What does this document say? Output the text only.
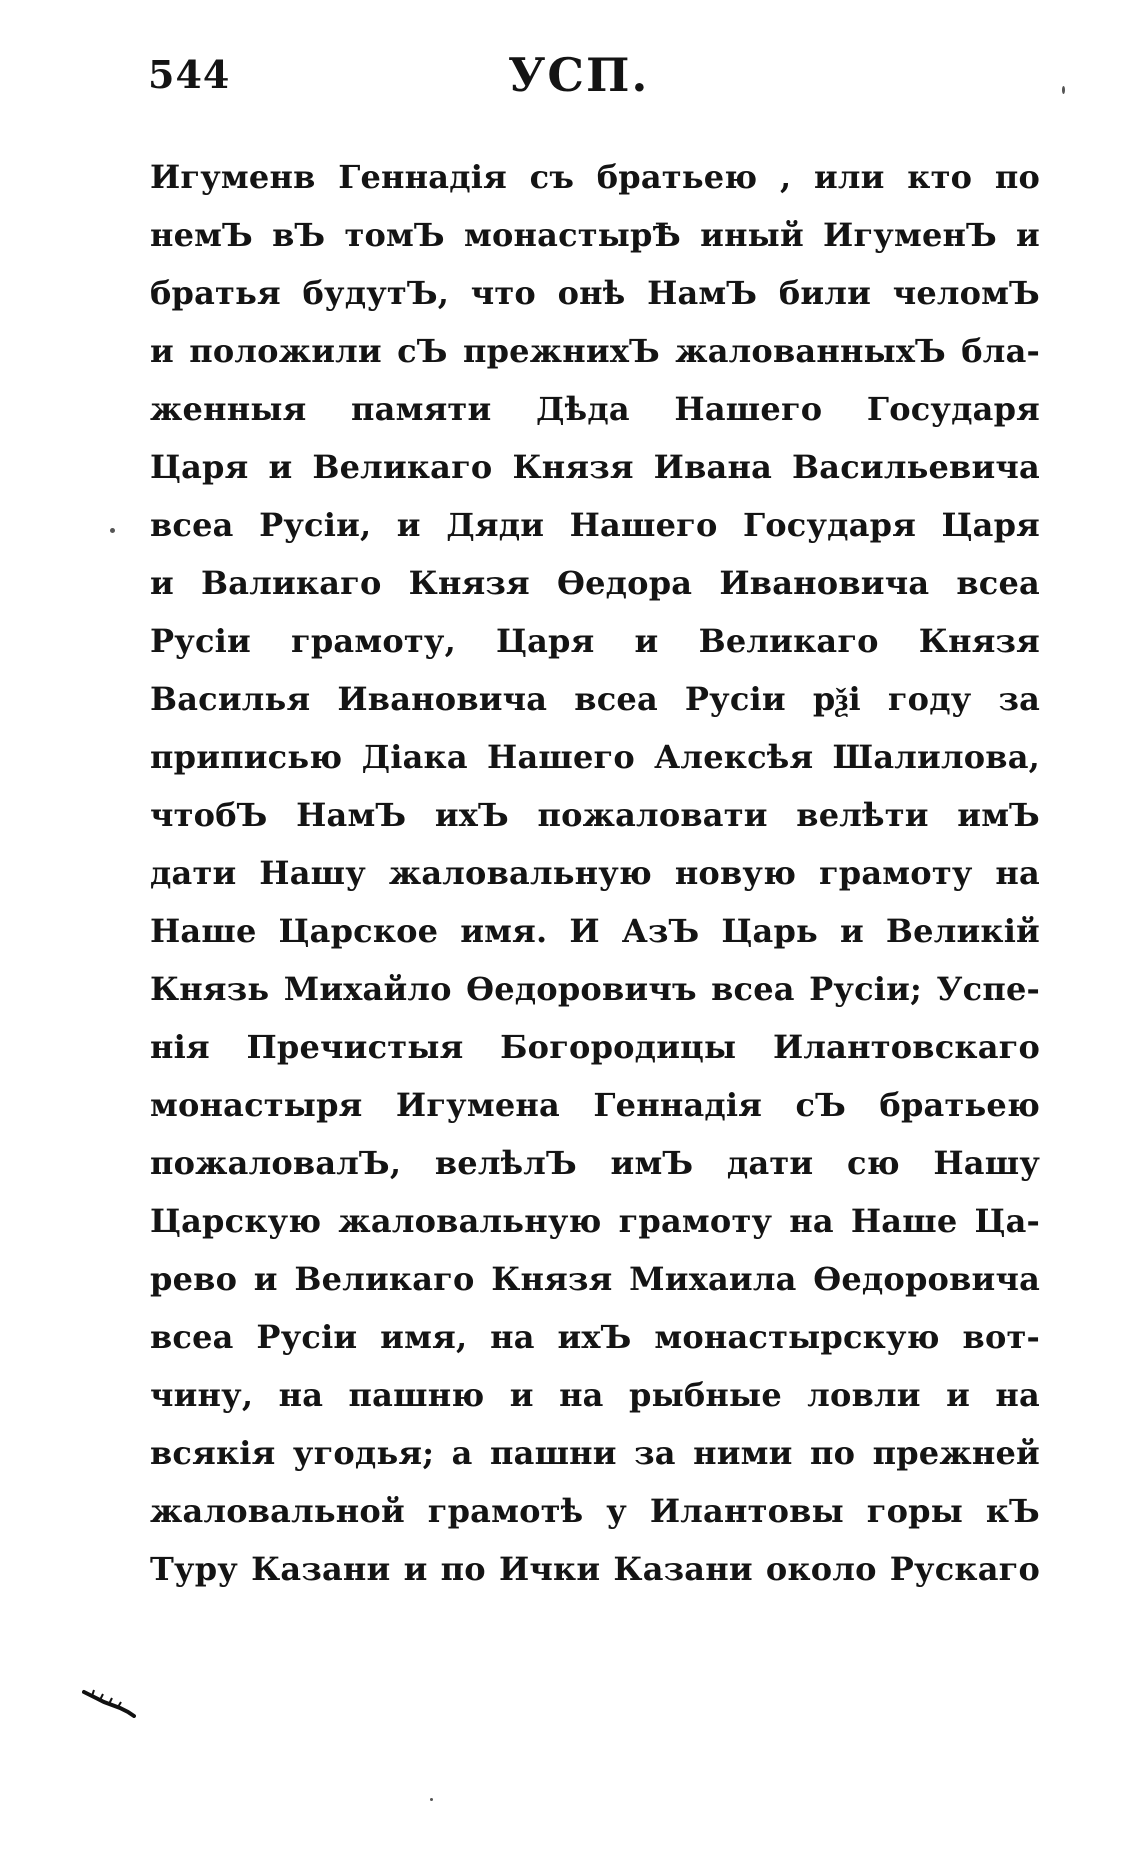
544	УСП.
Игуменв Геннадія съ братьею , или кто по
немЪ вЪ томЪ монастырѢ иный ИгуменЪ и
братья будутЪ, что онѣ НамЪ били челомЪ
и положили сЪ прежнихЪ жалованныхЪ бла-
женныя памяти Дѣда Нашего Государя
Царя и Великаго Князя Ивана Васильевича
всеа Русіи, и Дяди Нашего Государя Царя
и Валикаго Князя Өедора Ивановича всеа
Русіи грамоту, Царя и Великаго Князя
Василья Ивановича всеа Русіи рѯі году за
приписью Діака Нашего Алексѣя Шалилова,
чтобЪ НамЪ ихЪ пожаловати велѣти имЪ
дати Нашу жаловальную новую грамоту на
Наше Царское имя. И АзЪ Царь и Великій
Князь Михайло Өедоровичъ всеа Русіи; Успе-
нія Пречистыя Богородицы Илантовскаго
монастыря Игумена Геннадія сЪ братьею
пожаловалЪ, велѣлЪ имЪ дати сю Нашу
Царскую жаловальную грамоту на Наше Ца-
рево и Великаго Князя Михаила Өедоровича
всеа Русіи имя, на ихЪ монастырскую вот-
чину, на пашню и на рыбные ловли и на
всякія угодья; а пашни за ними по прежней
жаловальной грамотѣ у Илантовы горы кЪ
Туру Казани и по Ички Казани около Рускаго
